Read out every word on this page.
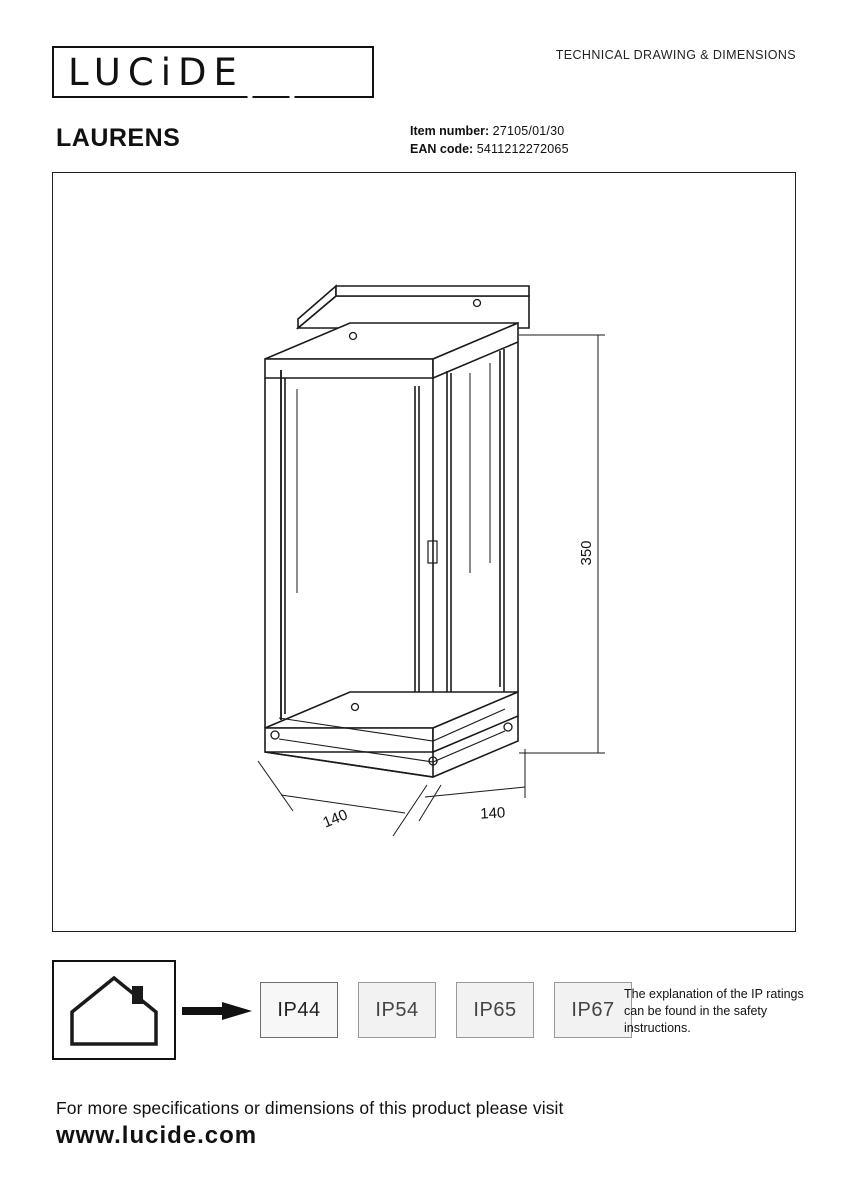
LUCiDE	TECHNICAL DRAWING & DIMENSIONS
LAURENS	Item number: 27105/01/30
EAN code: 5411212272065
350
140	140
IP44	IP54	IP65	IP67
The explanation of the IP ratings can be found in the safety instructions.
For more specifications or dimensions of this product please visit
www.lucide.com
